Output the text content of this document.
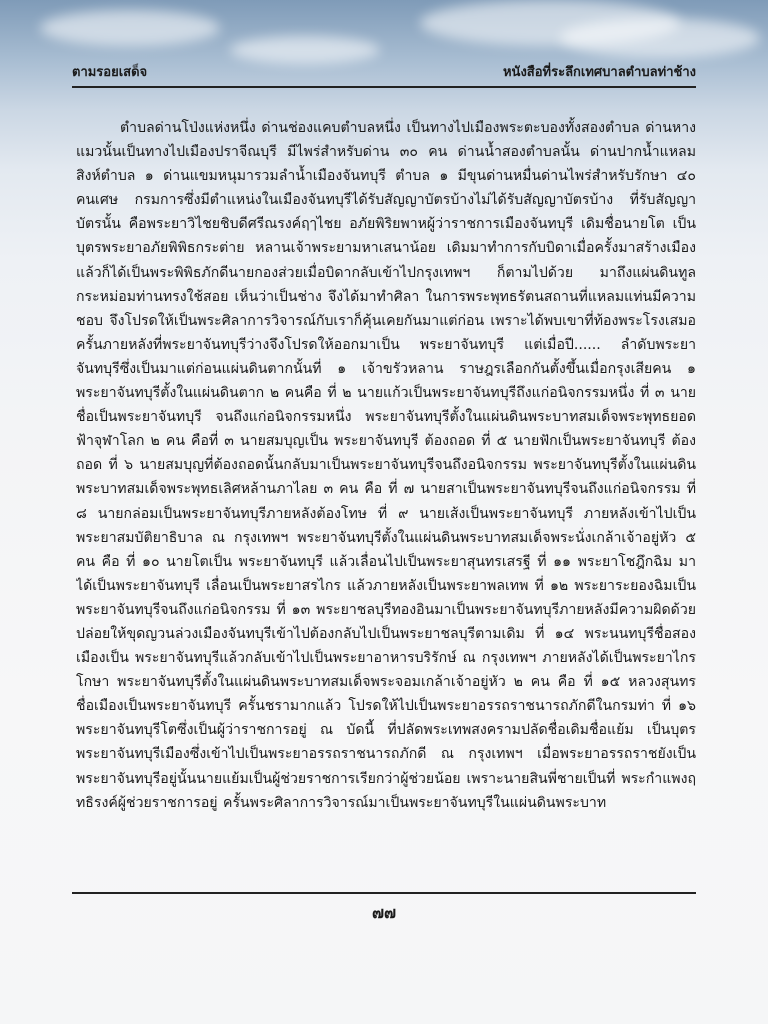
ตามรอยเสด็จ	หนังสือที่ระลึกเทศบาลตำบลท่าช้าง

ตำบลด่านโป่งแห่งหนึ่ง ด่านช่องแคบตำบลหนึ่ง เป็นทางไปเมืองพระตะบองทั้งสองตำบล ด่านหางแมวนั้นเป็นทางไปเมืองปราจีณบุรี มีไพร่สำหรับด่าน ๓๐ คน ด่านน้ำสองตำบลนั้น ด่านปากน้ำแหลมสิงห์ตำบล ๑ ด่านแขมหนุมารวมลำน้ำเมืองจันทบุรี ตำบล ๑ มีขุนด่านหมื่นด่านไพร่สำหรับรักษา ๔๐ คนเศษ กรมการซึ่งมีตำแหน่งในเมืองจันทบุรีได้รับสัญญาบัตรบ้างไม่ได้รับสัญญาบัตรบ้าง ที่รับสัญญาบัตรนั้น คือพระยาวิไชยชิบดีศรีณรงค์ฤๅไชย อภัยพิริยพาหผู้ว่าราชการเมืองจันทบุรี เดิมชื่อนายโต เป็นบุตรพระยาอภัยพิพิธกระต่าย หลานเจ้าพระยามหาเสนาน้อย เดิมมาทำการกับบิดาเมื่อครั้งมาสร้างเมืองแล้วก็ได้เป็นพระพิพิธภักดีนายกองส่วยเมื่อบิดากลับเข้าไปกรุงเทพฯ ก็ตามไปด้วย มาถึงแผ่นดินทูลกระหม่อมท่านทรงใช้สอย เห็นว่าเป็นช่าง จึงได้มาทำศิลา ในการพระพุทธรัตนสถานที่แหลมแท่นมีความชอบ จึงโปรดให้เป็นพระศิลาการวิจารณ์กับเราก็คุ้นเคยกันมาแต่ก่อน เพราะได้พบเขาที่ท้องพระโรงเสมอ ครั้นภายหลังที่พระยาจันทบุรีว่างจึงโปรดให้ออกมาเป็น พระยาจันทบุรี แต่เมื่อปี...... ลำดับพระยาจันทบุรีซึ่งเป็นมาแต่ก่อนแผ่นดินตากนั้นที่ ๑ เจ้าขรัวหลาน ราษฎรเลือกกันตั้งขึ้นเมื่อกรุงเสียคน ๑ พระยาจันทบุรีตั้งในแผ่นดินตาก ๒ คนคือ ที่ ๒ นายแก้วเป็นพระยาจันทบุรีถึงแก่อนิจกรรมหนึ่ง ที่ ๓ นายชื่อเป็นพระยาจันทบุรี จนถึงแก่อนิจกรรมหนึ่ง พระยาจันทบุรีตั้งในแผ่นดินพระบาทสมเด็จพระพุทธยอดฟ้าจุฬาโลก ๒ คน คือที่ ๓ นายสมบุญเป็น พระยาจันทบุรี ต้องถอด ที่ ๕ นายฟักเป็นพระยาจันทบุรี ต้องถอด ที่ ๖ นายสมบุญที่ต้องถอดนั้นกลับมาเป็นพระยาจันทบุรีจนถึงอนิจกรรม พระยาจันทบุรีตั้งในแผ่นดินพระบาทสมเด็จพระพุทธเลิศหล้านภาไลย ๓ คน คือ ที่ ๗ นายสาเป็นพระยาจันทบุรีจนถึงแก่อนิจกรรม ที่ ๘ นายกล่อมเป็นพระยาจันทบุรีภายหลังต้องโทษ ที่ ๙ นายเส้งเป็นพระยาจันทบุรี ภายหลังเข้าไปเป็นพระยาสมบัติยาธิบาล ณ กรุงเทพฯ พระยาจันทบุรีตั้งในแผ่นดินพระบาทสมเด็จพระนั่งเกล้าเจ้าอยู่หัว ๕ คน คือ ที่ ๑๐ นายโตเป็น พระยาจันทบุรี แล้วเลื่อนไปเป็นพระยาสุนทรเสรฐี ที่ ๑๑ พระยาโชฎึกฉิม มาได้เป็นพระยาจันทบุรี เลื่อนเป็นพระยาสรไกร แล้วภายหลังเป็นพระยาพลเทพ ที่ ๑๒ พระยาระยองฉิมเป็นพระยาจันทบุรีจนถึงแก่อนิจกรรม ที่ ๑๓ พระยาชลบุรีทองอินมาเป็นพระยาจันทบุรีภายหลังมีความผิดด้วยปล่อยให้ขุดญวนล่วงเมืองจันทบุรีเข้าไปต้องกลับไปเป็นพระยาชลบุรีตามเดิม ที่ ๑๔ พระนนทบุรีชื่อสองเมืองเป็น พระยาจันทบุรีแล้วกลับเข้าไปเป็นพระยาอาหารบริรักษ์ ณ กรุงเทพฯ ภายหลังได้เป็นพระยาไกรโกษา พระยาจันทบุรีตั้งในแผ่นดินพระบาทสมเด็จพระจอมเกล้าเจ้าอยู่หัว ๒ คน คือ ที่ ๑๕ หลวงสุนทรชื่อเมืองเป็นพระยาจันทบุรี ครั้นชรามากแล้ว โปรดให้ไปเป็นพระยาอรรถราชนารถภักดีในกรมท่า ที่ ๑๖ พระยาจันทบุรีโตซึ่งเป็นผู้ว่าราชการอยู่ ณ บัดนี้ ที่ปลัดพระเทพสงครามปลัดชื่อเดิมชื่อแย้ม เป็นบุตร พระยาจันทบุรีเมืองซึ่งเข้าไปเป็นพระยาอรรถราชนารถภักดี ณ กรุงเทพฯ เมื่อพระยาอรรถราชยังเป็น พระยาจันทบุรีอยู่นั้นนายแย้มเป็นผู้ช่วยราชการเรียกว่าผู้ช่วยน้อย เพราะนายสินพี่ชายเป็นที่ พระกำแพงฤทธิรงค์ผู้ช่วยราชการอยู่ ครั้นพระศิลาการวิจารณ์มาเป็นพระยาจันทบุรีในแผ่นดินพระบาท

๗๗
